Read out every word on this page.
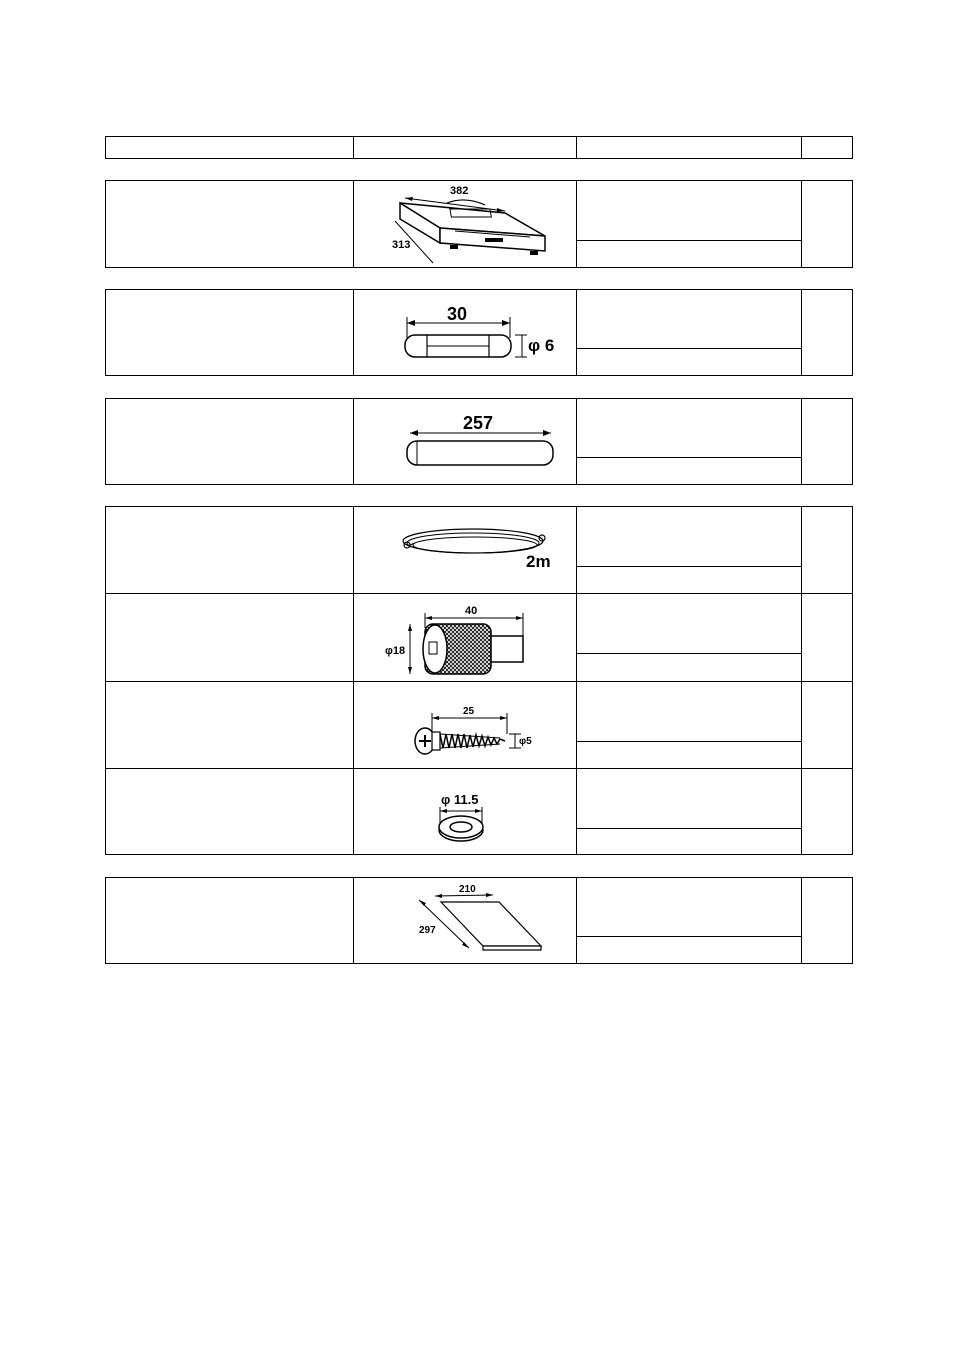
382
313
30
φ 6
257
2m
40
φ18
25
φ5
φ 11.5
210
297
